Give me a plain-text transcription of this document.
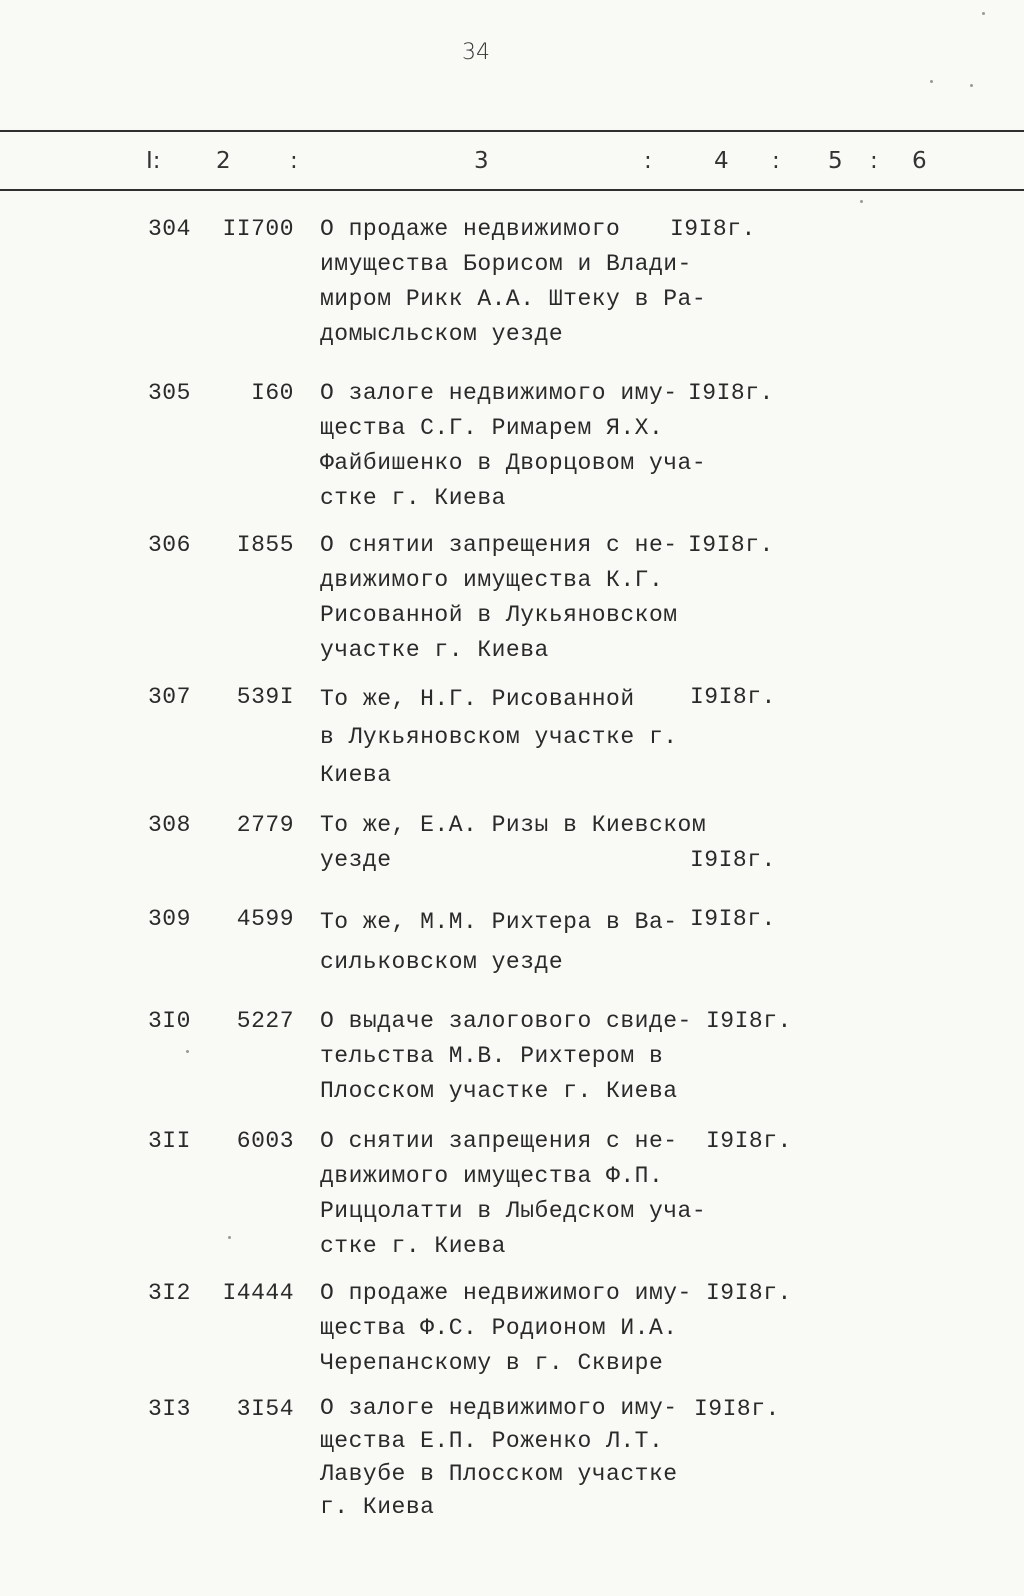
34
I: 2	:	3	:	4 : 5 : 6
304 II700 О продаже недвижимого
имущества Борисом и Влади-
миром Рикк А.А. Штеку в Ра-
домысльском уезде
I9I8г.
305	I60 О залоге недвижимого иму-
щества С.Г. Римарем Я.Х.
Файбишенко в Дворцовом уча-
стке г. Киева
I9I8г.
306 I855 О снятии запрещения с не-
движимого имущества К.Г.
Рисованной в Лукьяновском
участке г. Киева
I9I8г.
307 539I То же, Н.Г. Рисованной
в Лукьяновском участке г.
Киева
I9I8г.
308 2779 То же, Е.А. Ризы в Киевском
уезде	I9I8г.
309 4599 То же, М.М. Рихтера в Ва-
сильковском уезде
I9I8г.
3I0 5227 О выдаче залогового свиде-
тельства М.В. Рихтером в
Плосском участке г. Киева
I9I8г.
3II 6003 О снятии запрещения с не-
движимого имущества Ф.П.
Риццолатти в Лыбедском уча-
стке г. Киева
I9I8г.
3I2 I4444 О продаже недвижимого иму-
щества Ф.С. Родионом И.А.
Черепанскому в г. Сквире
I9I8г.
3I3 3I54 О залоге недвижимого иму-
щества Е.П. Роженко Л.Т.
Лавубе в Плосском участке
г. Киева
I9I8г.
